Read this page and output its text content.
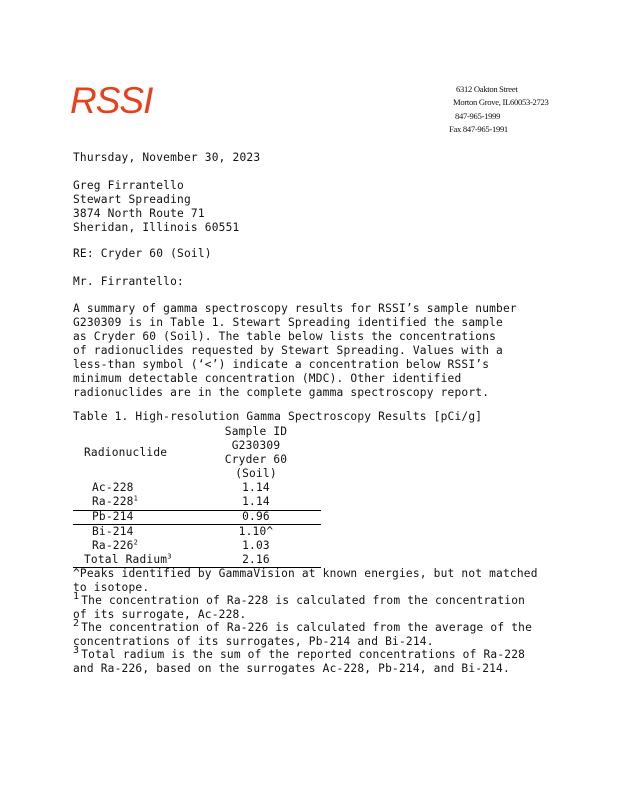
RSSI	6312 Oakton Street
Morton Grove, IL60053-2723
847-965-1999
Fax 847-965-1991
Thursday, November 30, 2023
Greg Firrantello
Stewart Spreading
3874 North Route 71
Sheridan, Illinois 60551
RE: Cryder 60 (Soil)
Mr. Firrantello:
A summary of gamma spectroscopy results for RSSI’s sample number
G230309 is in Table 1. Stewart Spreading identified the sample
as Cryder 60 (Soil). The table below lists the concentrations
of radionuclides requested by Stewart Spreading. Values with a
less-than symbol (‘<’) indicate a concentration below RSSI’s
minimum detectable concentration (MDC). Other identified
radionuclides are in the complete gamma spectroscopy report.
Table 1. High-resolution Gamma Spectroscopy Results [pCi/g]
Radionuclide
Sample ID
G230309
Cryder 60
(Soil)
Ac-228	1.14
$Ra-228^1$	1.14
Pb-214	0.96
Bi-214	1.10^
$Ra-226^2$	1.03
Total Radium$^3$	2.16
^Peaks identified by GammaVision at known energies, but not matched to isotope.
1 The concentration of Ra-228 is calculated from the concentration of its surrogate, Ac-228.
2 The concentration of Ra-226 is calculated from the average of the concentrations of its surrogates, Pb-214 and Bi-214.
3 Total radium is the sum of the reported concentrations of Ra-228 and Ra-226, based on the surrogates Ac-228, Pb-214, and Bi-214.
